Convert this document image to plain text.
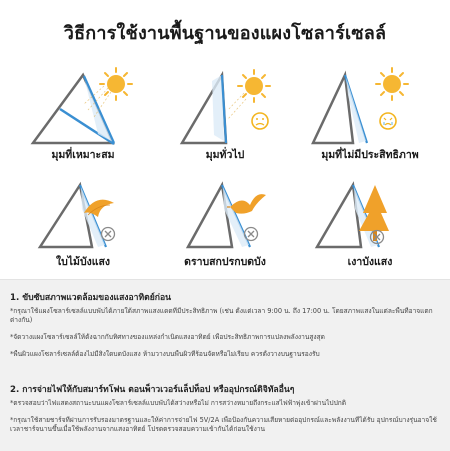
วิธีการใช้งานพื้นฐานของแผงโซลาร์เซลล์
มุมที่เหมาะสม	มุมทั่วไป	มุมที่ไม่มีประสิทธิภาพ
ใบไม้บังแสง	ดราบสกปรกบดบัง	เงาบังแสง
1. ขับซับสภาพแวดล้อมของแสงอาทิตย์ก่อน
*กรุณาใช้แผงโซลาร์เซลล์แบบพับได้ภายใต้สภาพแสงแดดที่มีประสิทธิภาพ (เช่น ตั้งแต่เวลา 9:00 น. ถึง 17:00 น. โดยสภาพแสงในแต่ละพื้นที่อาจแตกต่างกัน)
*จัดวางแผงโซลาร์เซลล์ให้ตั้งฉากกับทิศทางของแหล่งกำเนิดแสงอาทิตย์ เพื่อประสิทธิภาพการแปลงพลังงานสูงสุด
*พื้นผิวแผงโซลาร์เซลล์ต้องไม่มีสิ่งใดบดบังแสง ห้ามวางบนพื้นผิวที่ร้อนจัดหรือไม่เรียบ ควรตั้งวางบนฐานรองรับ
2. การจ่ายไฟให้กับสมาร์ทโฟน ตอนพ็าวเวอร์แล็ปท็อป หรืออุปกรณ์ดิจิทัลอื่นๆ
*ตรวจสอบว่าไฟแสดงสถานะบนแผงโซลาร์เซลล์แบบพับได้สว่างหรือไม่ การสว่างหมายถึงกระแสไฟฟ้าพุ่งเข้าผ่านไปปกติ
*กรุณาใช้สายชาร์จที่ผ่านการรับรองมาตรฐานและให้ค่าการจ่ายไฟ 5V/2A เพื่อป้องกันความเสียหายต่ออุปกรณ์และพลังงานที่ได้รับ อุปกรณ์บางรุ่นอาจใช้เวลาชาร์จนานขึ้นเมื่อใช้พลังงานจากแสงอาทิตย์ โปรดตรวจสอบความเข้ากันได้ก่อนใช้งาน
